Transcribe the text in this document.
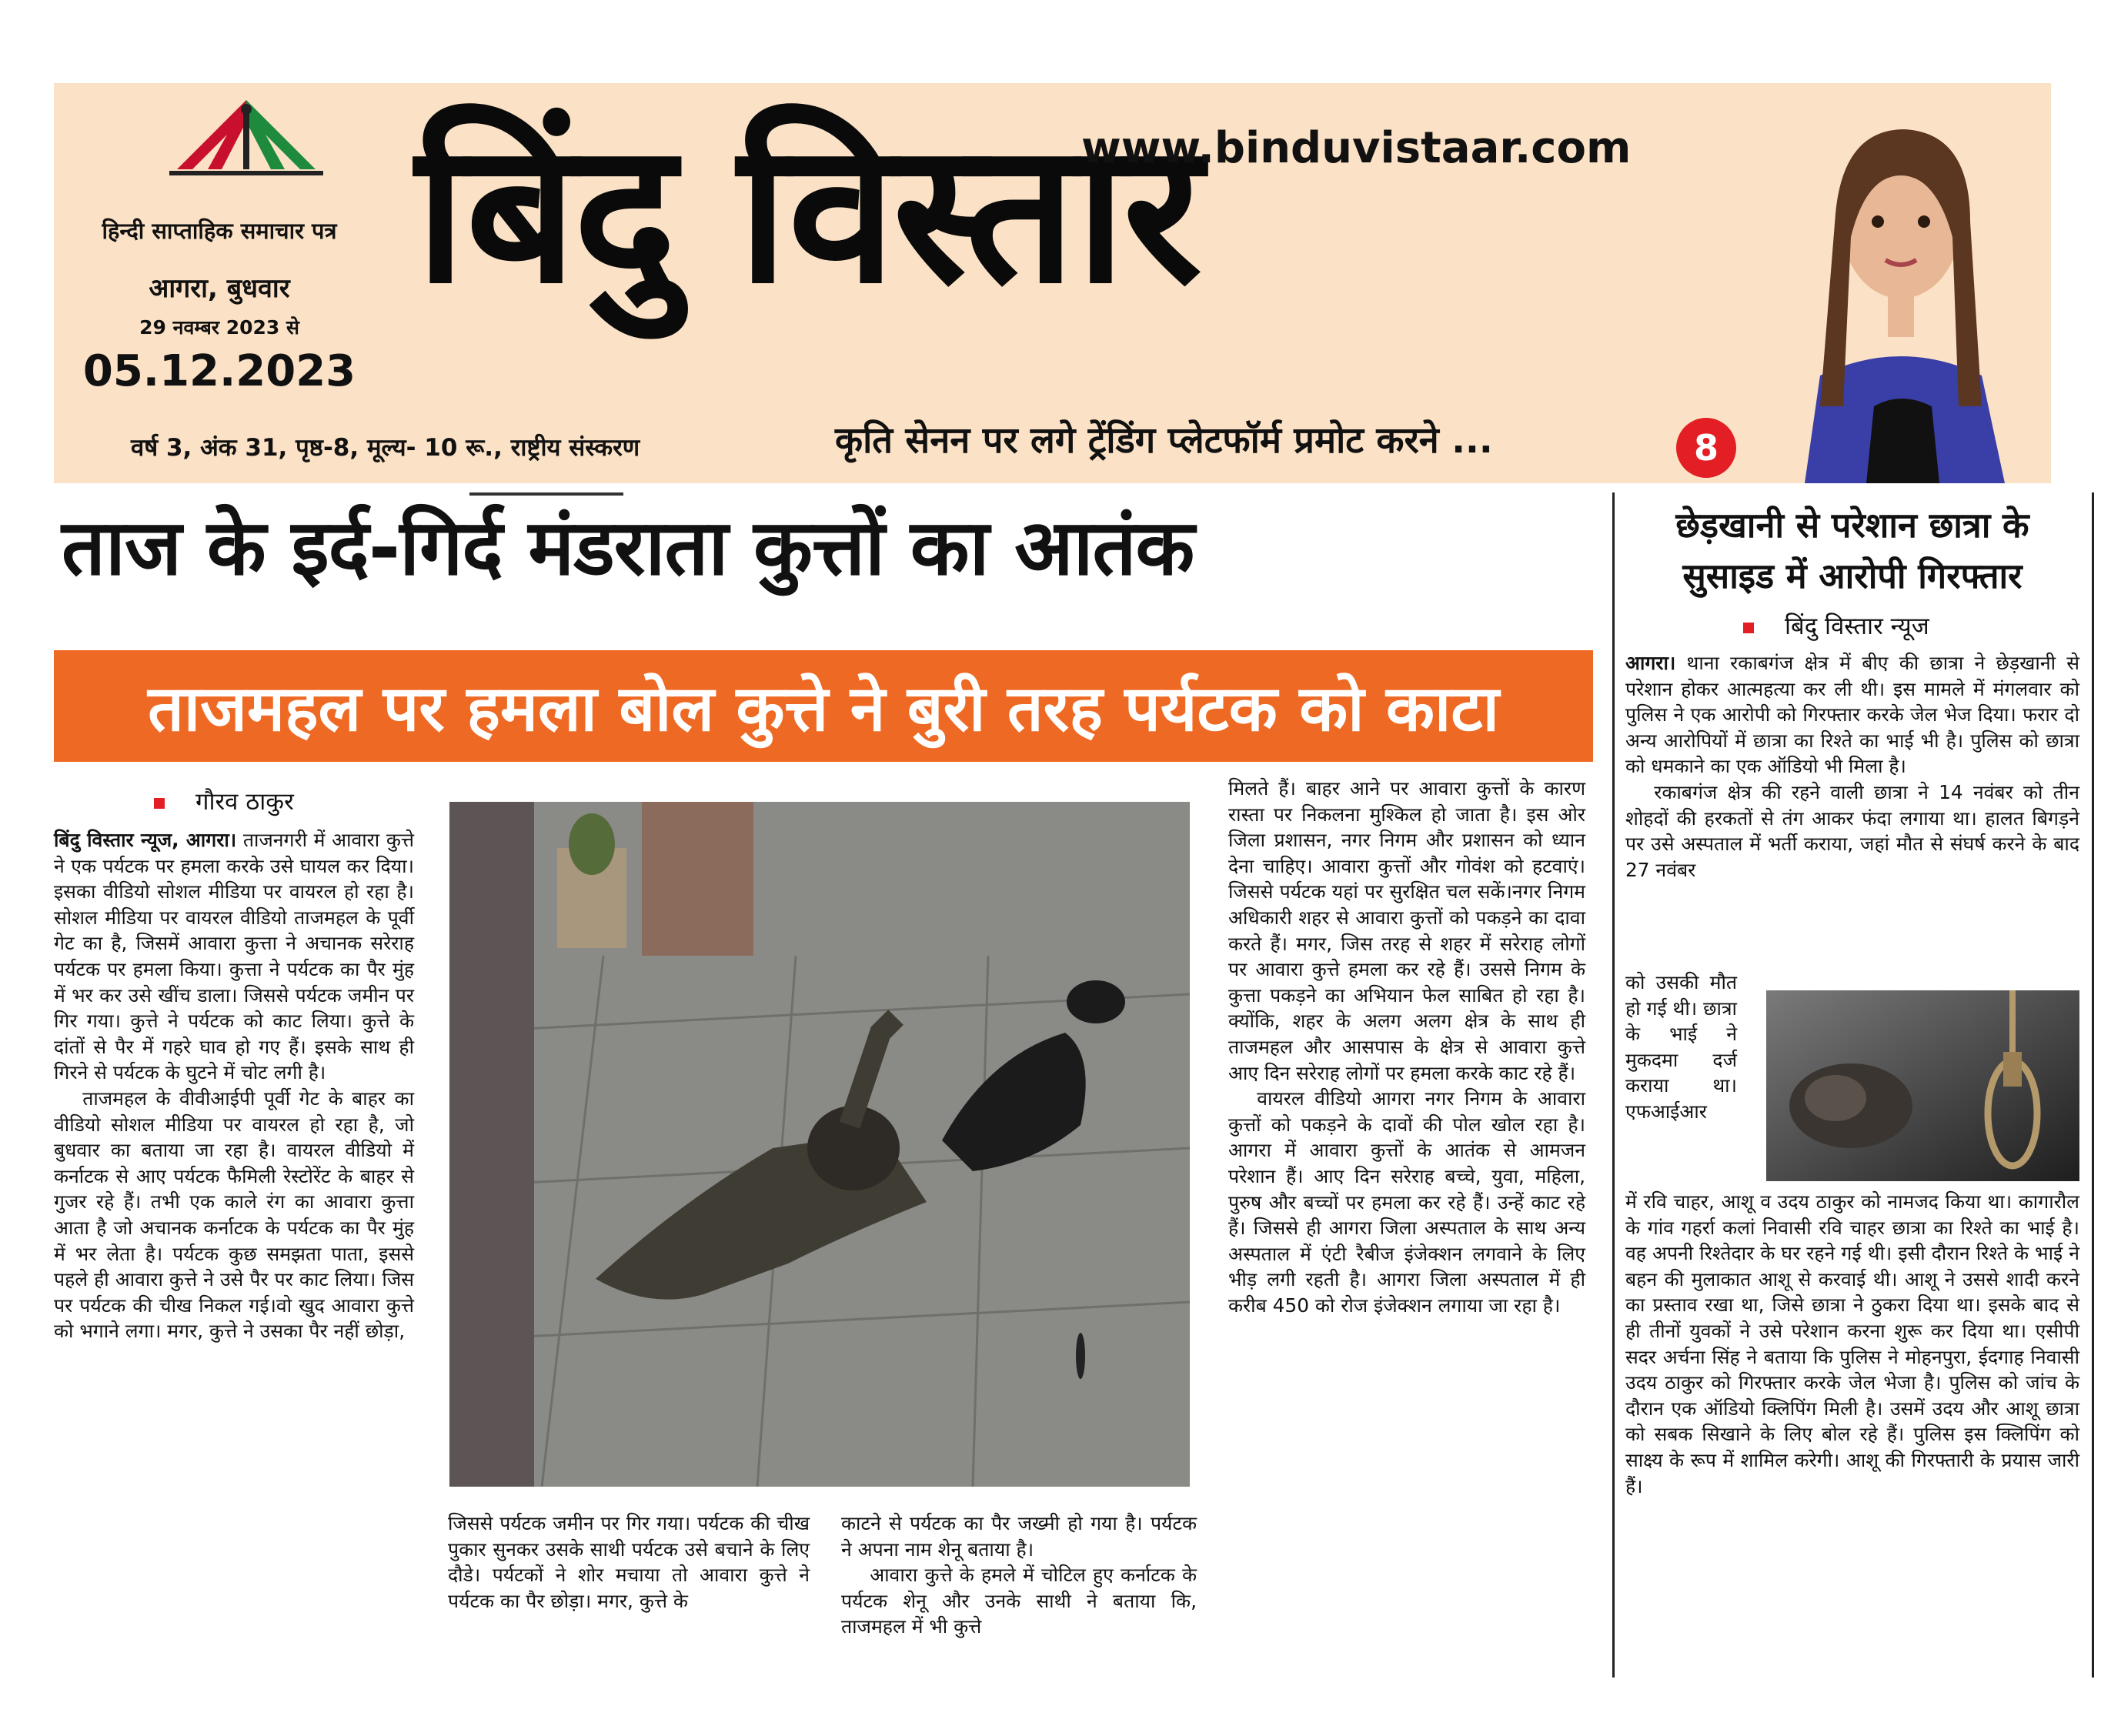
हिन्दी साप्ताहिक समाचार पत्र
आगरा, बुधवार
29 नवम्बर 2023 से
05.12.2023
वर्ष 3, अंक 31, पृष्ठ-8, मूल्य- 10 रू., राष्ट्रीय संस्करण
बिंदु विस्तार
www.binduvistaar.com
कृति सेनन पर लगे ट्रेंडिंग प्लेटफॉर्म प्रमोट करने ...	8
ताज के इर्द-गिर्द मंडराता कुत्तों का आतंक
ताजमहल पर हमला बोल कुत्ते ने बुरी तरह पर्यटक को काटा
गौरव ठाकुर

बिंदु विस्तार न्यूज, आगरा। ताजनगरी में आवारा कुत्ते ने एक पर्यटक पर हमला करके उसे घायल कर दिया। इसका वीडियो सोशल मीडिया पर वायरल हो रहा है। सोशल मीडिया पर वायरल वीडियो ताजमहल के पूर्वी गेट का है, जिसमें आवारा कुत्ता ने अचानक सरेराह पर्यटक पर हमला किया। कुत्ता ने पर्यटक का पैर मुंह में भर कर उसे खींच डाला। जिससे पर्यटक जमीन पर गिर गया। कुत्ते ने पर्यटक को काट लिया। कुत्ते के दांतों से पैर में गहरे घाव हो गए हैं। इसके साथ ही गिरने से पर्यटक के घुटने में चोट लगी है।

ताजमहल के वीवीआईपी पूर्वी गेट के बाहर का वीडियो सोशल मीडिया पर वायरल हो रहा है, जो बुधवार का बताया जा रहा है। वायरल वीडियो में कर्नाटक से आए पर्यटक फैमिली रेस्टोरेंट के बाहर से गुजर रहे हैं। तभी एक काले रंग का आवारा कुत्ता आता है जो अचानक कर्नाटक के पर्यटक का पैर मुंह में भर लेता है। पर्यटक कुछ समझता पाता, इससे पहले ही आवारा कुत्ते ने उसे पैर पर काट लिया। जिस पर पर्यटक की चीख निकल गई।वो खुद आवारा कुत्ते को भगाने लगा। मगर, कुत्ते ने उसका पैर नहीं छोड़ा,

जिससे पर्यटक जमीन पर गिर गया। पर्यटक की चीख पुकार सुनकर उसके साथी पर्यटक उसे बचाने के लिए दौडे। पर्यटकों ने शोर मचाया तो आवारा कुत्ते ने पर्यटक का पैर छोड़ा। मगर, कुत्ते के

काटने से पर्यटक का पैर जख्मी हो गया है। पर्यटक ने अपना नाम शेनू बताया है।

आवारा कुत्ते के हमले में चोटिल हुए कर्नाटक के पर्यटक शेनू और उनके साथी ने बताया कि, ताजमहल में भी कुत्ते

मिलते हैं। बाहर आने पर आवारा कुत्तों के कारण रास्ता पर निकलना मुश्किल हो जाता है। इस ओर जिला प्रशासन, नगर निगम और प्रशासन को ध्यान देना चाहिए। आवारा कुत्तों और गोवंश को हटवाएं। जिससे पर्यटक यहां पर सुरक्षित चल सकें।नगर निगम अधिकारी शहर से आवारा कुत्तों को पकड़ने का दावा करते हैं। मगर, जिस तरह से शहर में सरेराह लोगों पर आवारा कुत्ते हमला कर रहे हैं। उससे निगम के कुत्ता पकड़ने का अभियान फेल साबित हो रहा है। क्योंकि, शहर के अलग अलग क्षेत्र के साथ ही ताजमहल और आसपास के क्षेत्र से आवारा कुत्ते आए दिन सरेराह लोगों पर हमला करके काट रहे हैं।

वायरल वीडियो आगरा नगर निगम के आवारा कुत्तों को पकड़ने के दावों की पोल खोल रहा है। आगरा में आवारा कुत्तों के आतंक से आमजन परेशान हैं। आए दिन सरेराह बच्चे, युवा, महिला, पुरुष और बच्चों पर हमला कर रहे हैं। उन्हें काट रहे हैं। जिससे ही आगरा जिला अस्पताल के साथ अन्य अस्पताल में एंटी रैबीज इंजेक्शन लगवाने के लिए भीड़ लगी रहती है। आगरा जिला अस्पताल में ही करीब 450 को रोज इंजेक्शन लगाया जा रहा है।

छेड़खानी से परेशान छात्रा के सुसाइड में आरोपी गिरफ्तार
बिंदु विस्तार न्यूज

आगरा। थाना रकाबगंज क्षेत्र में बीए की छात्रा ने छेड़खानी से परेशान होकर आत्महत्या कर ली थी। इस मामले में मंगलवार को पुलिस ने एक आरोपी को गिरफ्तार करके जेल भेज दिया। फरार दो अन्य आरोपियों में छात्रा का रिश्ते का भाई भी है। पुलिस को छात्रा को धमकाने का एक ऑडियो भी मिला है।

रकाबगंज क्षेत्र की रहने वाली छात्रा ने 14 नवंबर को तीन शोहदों की हरकतों से तंग आकर फंदा लगाया था। हालत बिगड़ने पर उसे अस्पताल में भर्ती कराया, जहां मौत से संघर्ष करने के बाद 27 नवंबर

को उसकी मौत हो गई थी। छात्रा के भाई ने मुकदमा दर्ज कराया था। एफआईआर

में रवि चाहर, आशू व उदय ठाकुर को नामजद किया था। कागारौल के गांव गहर्रा कलां निवासी रवि चाहर छात्रा का रिश्ते का भाई है। वह अपनी रिश्तेदार के घर रहने गई थी। इसी दौरान रिश्ते के भाई ने बहन की मुलाकात आशू से करवाई थी। आशू ने उससे शादी करने का प्रस्ताव रखा था, जिसे छात्रा ने ठुकरा दिया था। इसके बाद से ही तीनों युवकों ने उसे परेशान करना शुरू कर दिया था। एसीपी सदर अर्चना सिंह ने बताया कि पुलिस ने मोहनपुरा, ईदगाह निवासी उदय ठाकुर को गिरफ्तार करके जेल भेजा है। पुलिस को जांच के दौरान एक ऑडियो क्लिपिंग मिली है। उसमें उदय और आशू छात्रा को सबक सिखाने के लिए बोल रहे हैं। पुलिस इस क्लिपिंग को साक्ष्य के रूप में शामिल करेगी। आशू की गिरफ्तारी के प्रयास जारी हैं।
